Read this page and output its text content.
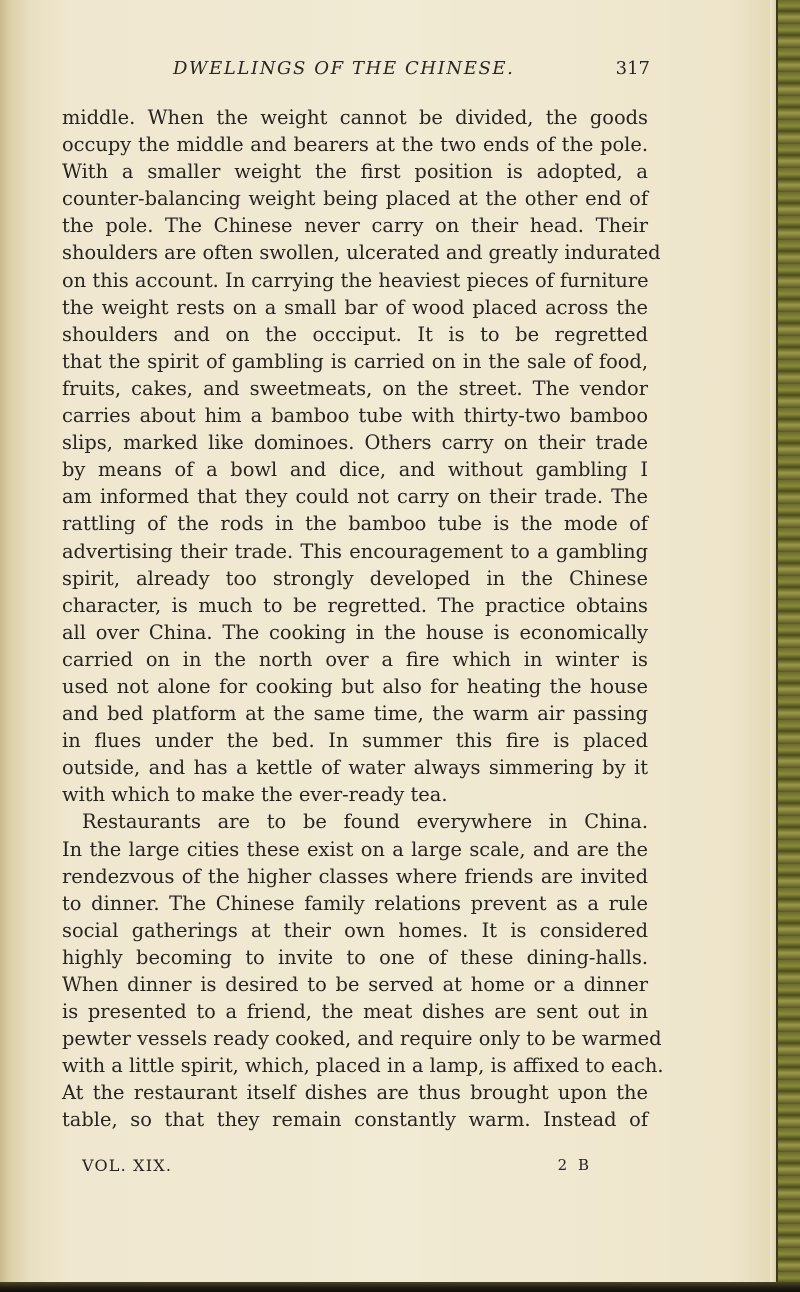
DWELLINGS OF THE CHINESE.	317
middle. When the weight cannot be divided, the goods
occupy the middle and bearers at the two ends of the pole.
With a smaller weight the first position is adopted, a
counter-balancing weight being placed at the other end of
the pole. The Chinese never carry on their head. Their
shoulders are often swollen, ulcerated and greatly indurated
on this account. In carrying the heaviest pieces of furniture
the weight rests on a small bar of wood placed across the
shoulders and on the occciput. It is to be regretted
that the spirit of gambling is carried on in the sale of food,
fruits, cakes, and sweetmeats, on the street. The vendor
carries about him a bamboo tube with thirty-two bamboo
slips, marked like dominoes. Others carry on their trade
by means of a bowl and dice, and without gambling I
am informed that they could not carry on their trade. The
rattling of the rods in the bamboo tube is the mode of
advertising their trade. This encouragement to a gambling
spirit, already too strongly developed in the Chinese
character, is much to be regretted. The practice obtains
all over China. The cooking in the house is economically
carried on in the north over a fire which in winter is
used not alone for cooking but also for heating the house
and bed platform at the same time, the warm air passing
in flues under the bed. In summer this fire is placed
outside, and has a kettle of water always simmering by it
with which to make the ever-ready tea.
Restaurants are to be found everywhere in China.
In the large cities these exist on a large scale, and are the
rendezvous of the higher classes where friends are invited
to dinner. The Chinese family relations prevent as a rule
social gatherings at their own homes. It is considered
highly becoming to invite to one of these dining-halls.
When dinner is desired to be served at home or a dinner
is presented to a friend, the meat dishes are sent out in
pewter vessels ready cooked, and require only to be warmed
with a little spirit, which, placed in a lamp, is affixed to each.
At the restaurant itself dishes are thus brought upon the
table, so that they remain constantly warm. Instead of
VOL. XIX.	2 B
